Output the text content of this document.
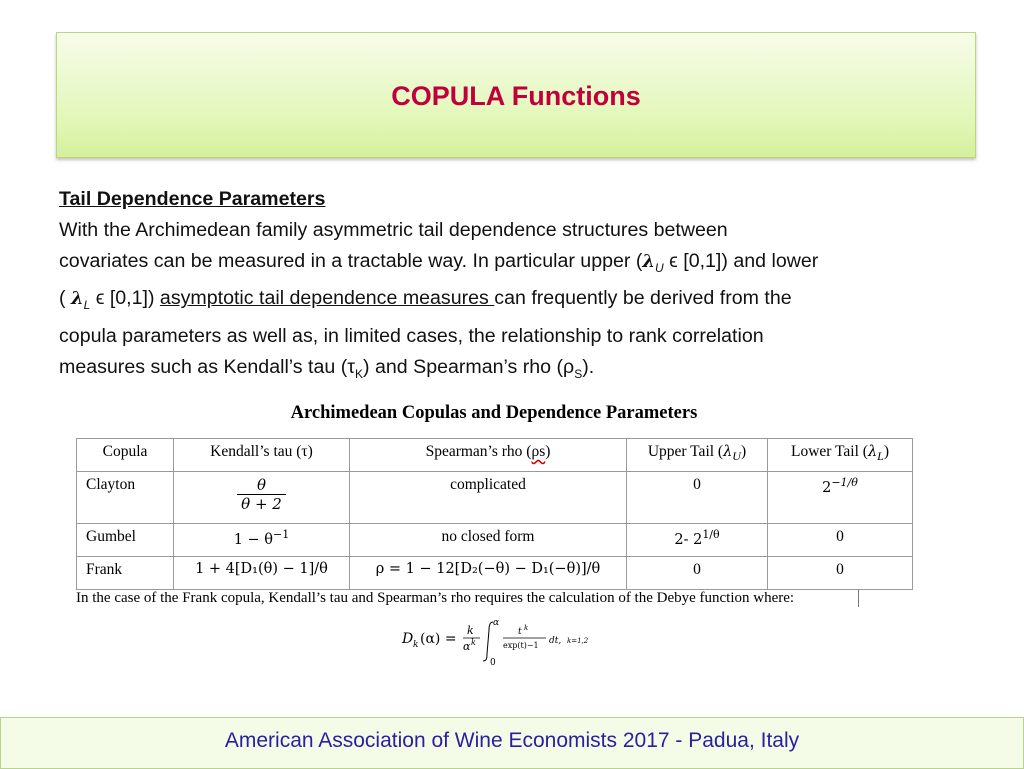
COPULA Functions
Tail Dependence Parameters
With the Archimedean family asymmetric tail dependence structures between
covariates can be measured in a tractable way. In particular upper ($\lambda_U$ ϵ [0,1]) and lower
( $\lambda_L$ ϵ [0,1]) asymptotic tail dependence measures can frequently be derived from the
copula parameters as well as, in limited cases, the relationship to rank correlation
measures such as Kendall’s tau $(\tau_K)$ and Spearman’s rho $(\rho_S)$.
Archimedean Copulas and Dependence Parameters
Copula	Kendall’s tau (τ)	Spearman’s rho (ρs)	Upper Tail (𝜆$_U$)	Lower Tail (𝜆$_L$)
Clayton	$\frac{\theta}{\theta + 2}$	complicated	0	$2^{-1/\theta}$
Gumbel	$1 - \theta^{-1}$	no closed form	2- $2^{1/\theta}$	0
Frank	1 + 4[D₁(θ) − 1]/θ	ρ = 1 − 12[D₂(−θ) − D₁(−θ)]/θ	0	0
In the case of the Frank copula, Kendall’s tau and Spearman’s rho requires the calculation of the Debye function where:
D k (α) =
k
α k
α
0
t k
exp(t)−1 dt, k=1,2
American Association of Wine Economists 2017 - Padua, Italy
